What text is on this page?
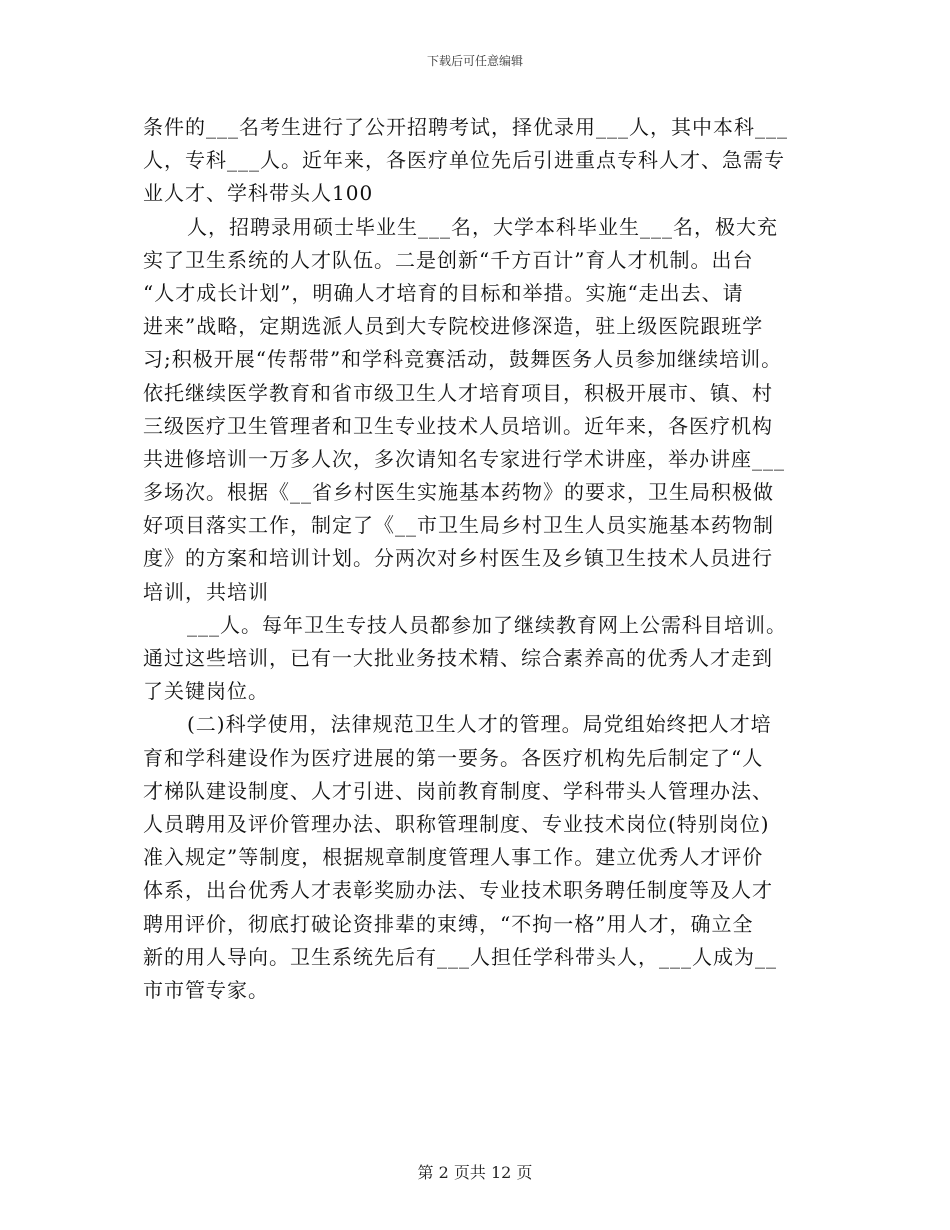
下载后可任意编辑
条件的___名考生进行了公开招聘考试，择优录用___人，其中本科___
人，专科___人。近年来，各医疗单位先后引进重点专科人才、急需专
业人才、学科带头人100
人，招聘录用硕士毕业生___名，大学本科毕业生___名，极大充
实了卫生系统的人才队伍。二是创新“千方百计”育人才机制。出台
“人才成长计划”，明确人才培育的目标和举措。实施“走出去、请
进来”战略，定期选派人员到大专院校进修深造，驻上级医院跟班学
习;积极开展“传帮带”和学科竞赛活动，鼓舞医务人员参加继续培训。
依托继续医学教育和省市级卫生人才培育项目，积极开展市、镇、村
三级医疗卫生管理者和卫生专业技术人员培训。近年来，各医疗机构
共进修培训一万多人次，多次请知名专家进行学术讲座，举办讲座___
多场次。根据《__省乡村医生实施基本药物》的要求，卫生局积极做
好项目落实工作，制定了《__市卫生局乡村卫生人员实施基本药物制
度》的方案和培训计划。分两次对乡村医生及乡镇卫生技术人员进行
培训，共培训
___人。每年卫生专技人员都参加了继续教育网上公需科目培训。
通过这些培训，已有一大批业务技术精、综合素养高的优秀人才走到
了关键岗位。
(二)科学使用，法律规范卫生人才的管理。局党组始终把人才培
育和学科建设作为医疗进展的第一要务。各医疗机构先后制定了“人
才梯队建设制度、人才引进、岗前教育制度、学科带头人管理办法、
人员聘用及评价管理办法、职称管理制度、专业技术岗位(特别岗位)
准入规定”等制度，根据规章制度管理人事工作。建立优秀人才评价
体系，出台优秀人才表彰奖励办法、专业技术职务聘任制度等及人才
聘用评价，彻底打破论资排辈的束缚，“不拘一格”用人才，确立全
新的用人导向。卫生系统先后有___人担任学科带头人，___人成为__
市市管专家。
第 2 页共 12 页
